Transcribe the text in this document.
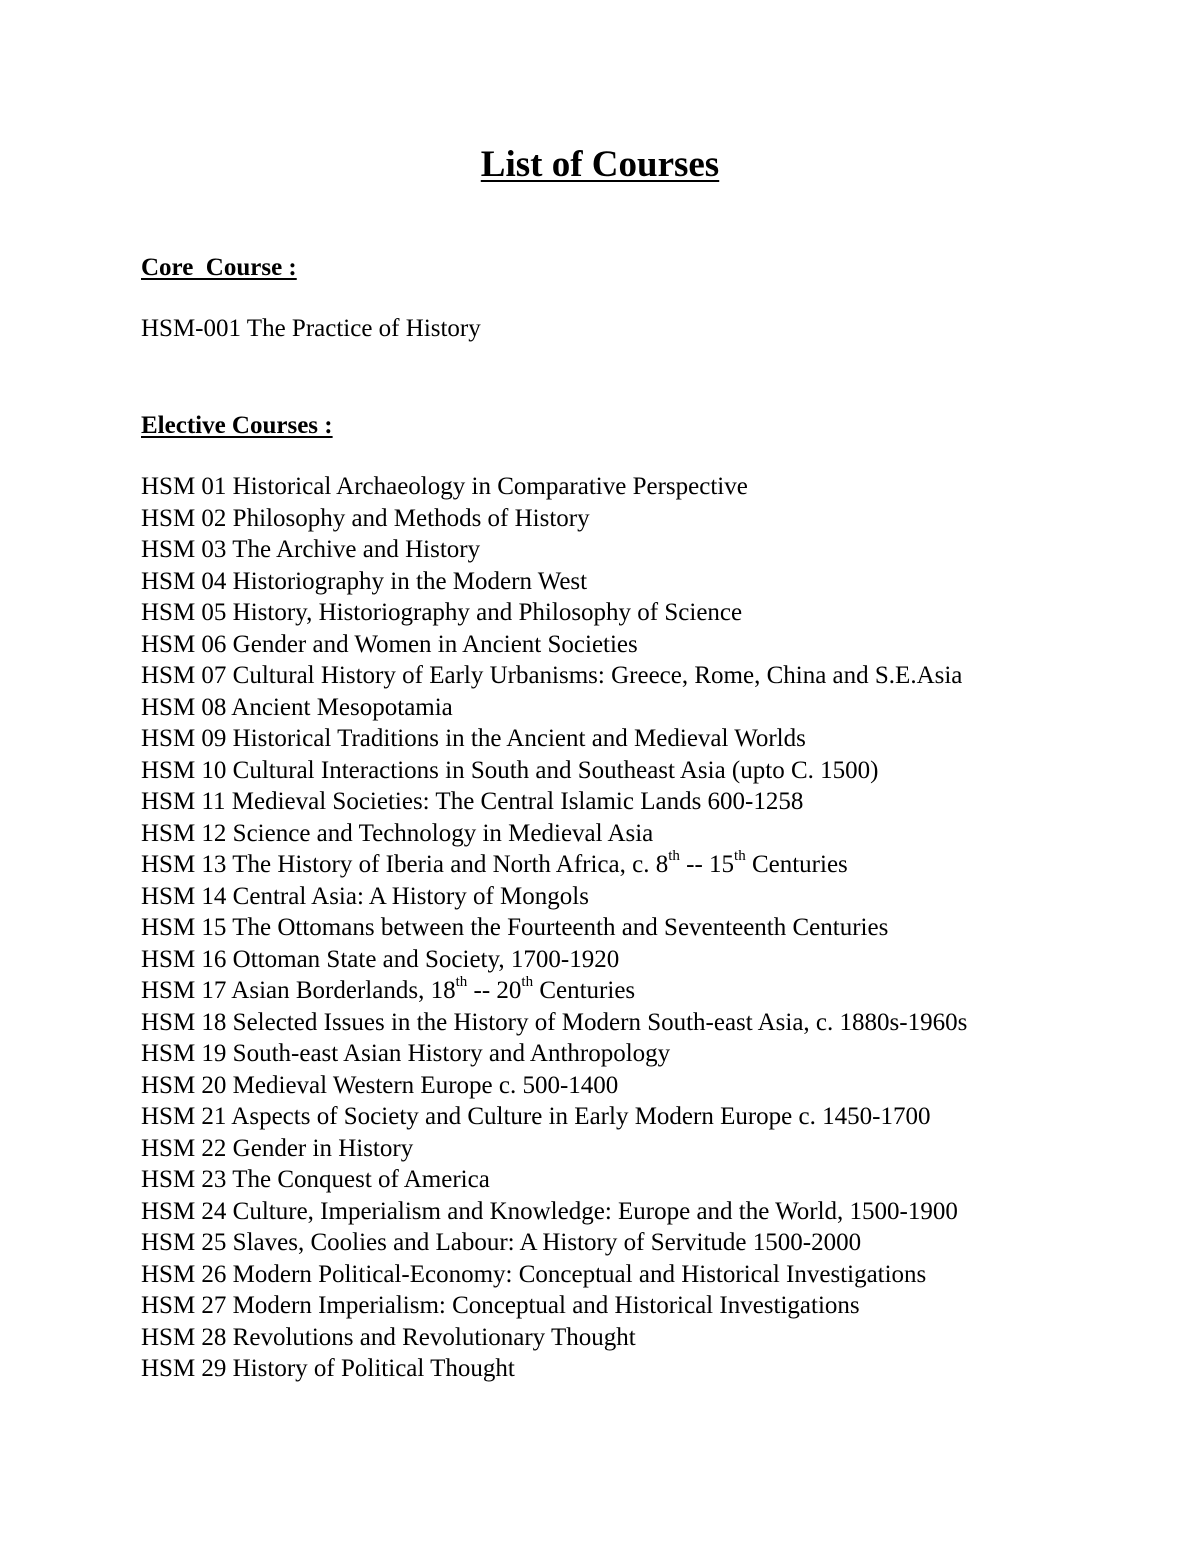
List of Courses
Core  Course :

HSM-001 The Practice of History

Elective Courses :
HSM 01 Historical Archaeology in Comparative Perspective
HSM 02 Philosophy and Methods of History
HSM 03 The Archive and History
HSM 04 Historiography in the Modern West
HSM 05 History, Historiography and Philosophy of Science
HSM 06 Gender and Women in Ancient Societies
HSM 07 Cultural History of Early Urbanisms: Greece, Rome, China and S.E.Asia
HSM 08 Ancient Mesopotamia
HSM 09 Historical Traditions in the Ancient and Medieval Worlds
HSM 10 Cultural Interactions in South and Southeast Asia (upto C. 1500)
HSM 11 Medieval Societies: The Central Islamic Lands 600-1258
HSM 12 Science and Technology in Medieval Asia
HSM 13 The History of Iberia and North Africa, c. 8th -- 15th Centuries
HSM 14 Central Asia: A History of Mongols
HSM 15 The Ottomans between the Fourteenth and Seventeenth Centuries
HSM 16 Ottoman State and Society, 1700-1920
HSM 17 Asian Borderlands, 18th -- 20th Centuries
HSM 18 Selected Issues in the History of Modern South-east Asia, c. 1880s-1960s
HSM 19 South-east Asian History and Anthropology
HSM 20 Medieval Western Europe c. 500-1400
HSM 21 Aspects of Society and Culture in Early Modern Europe c. 1450-1700
HSM 22 Gender in History
HSM 23 The Conquest of America
HSM 24 Culture, Imperialism and Knowledge: Europe and the World, 1500-1900
HSM 25 Slaves, Coolies and Labour: A History of Servitude 1500-2000
HSM 26 Modern Political-Economy: Conceptual and Historical Investigations
HSM 27 Modern Imperialism: Conceptual and Historical Investigations
HSM 28 Revolutions and Revolutionary Thought
HSM 29 History of Political Thought
